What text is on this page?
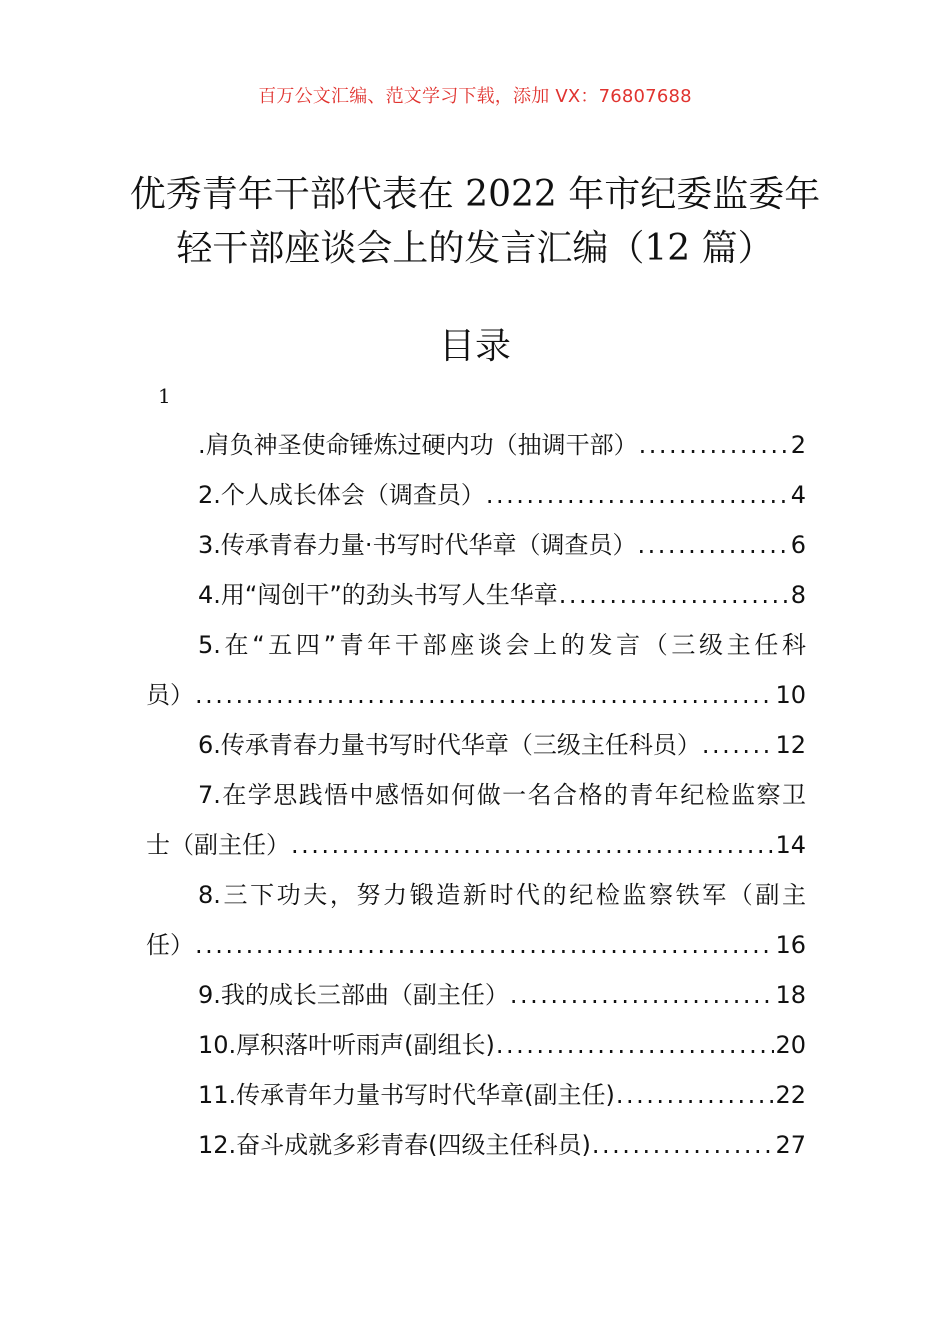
百万公文汇编、范文学习下载，添加 VX：76807688
优秀青年干部代表在 2022 年市纪委监委年
轻干部座谈会上的发言汇编（12 篇）
目录
1
.肩负神圣使命锤炼过硬内功（抽调干部） .....	2
2.个人成长体会（调查员） .....	4
3.传承青春力量·书写时代华章（调查员） .....	6
4.用“闯创干”的劲头书写人生华章 .....	8
5.在“五四”青年干部座谈会上的发言（三级主任科
员） .....	10
6.传承青春力量书写时代华章（三级主任科员） .....	12
7.在学思践悟中感悟如何做一名合格的青年纪检监察卫
士（副主任） .....	14
8.三下功夫，努力锻造新时代的纪检监察铁军（副主
任） .....	16
9.我的成长三部曲（副主任） .....	18
10.厚积落叶听雨声(副组长) .....	20
11.传承青年力量书写时代华章(副主任) .....	22
12.奋斗成就多彩青春(四级主任科员) .....	27
